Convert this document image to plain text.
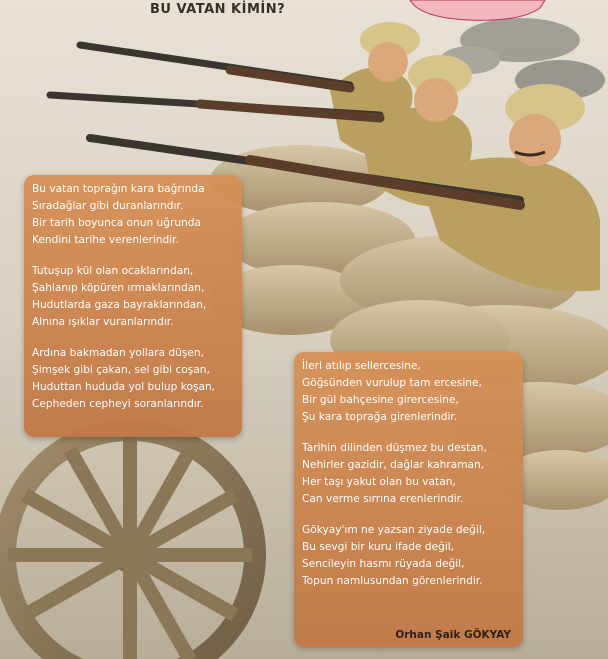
BU VATAN KİMİN?
Bu vatan toprağın kara bağrında
Sıradağlar gibi duranlarındır.
Bir tarih boyunca onun uğrunda
Kendini tarihe verenlerindir.
Tutuşup kül olan ocaklarından,
Şahlanıp köpüren ırmaklarından,
Hudutlarda gaza bayraklarından,
Alnına ışıklar vuranlarındır.
Ardına bakmadan yollara düşen,
Şimşek gibi çakan, sel gibi coşan,
Huduttan hududa yol bulup koşan,
Cepheden cepheyi soranlarındır.
İleri atılıp sellercesine,
Göğsünden vurulup tam ercesine,
Bir gül bahçesine girercesine,
Şu kara toprağa girenlerindir.
Tarihin dilinden düşmez bu destan,
Nehirler gazidir, dağlar kahraman,
Her taşı yakut olan bu vatan,
Can verme sırrına erenlerindir.
Gökyay'ım ne yazsan ziyade değil,
Bu sevgi bir kuru ifade değil,
Sencileyin hasmı rüyada değil,
Topun namlusundan görenlerindir.
Orhan Şaik GÖKYAY
